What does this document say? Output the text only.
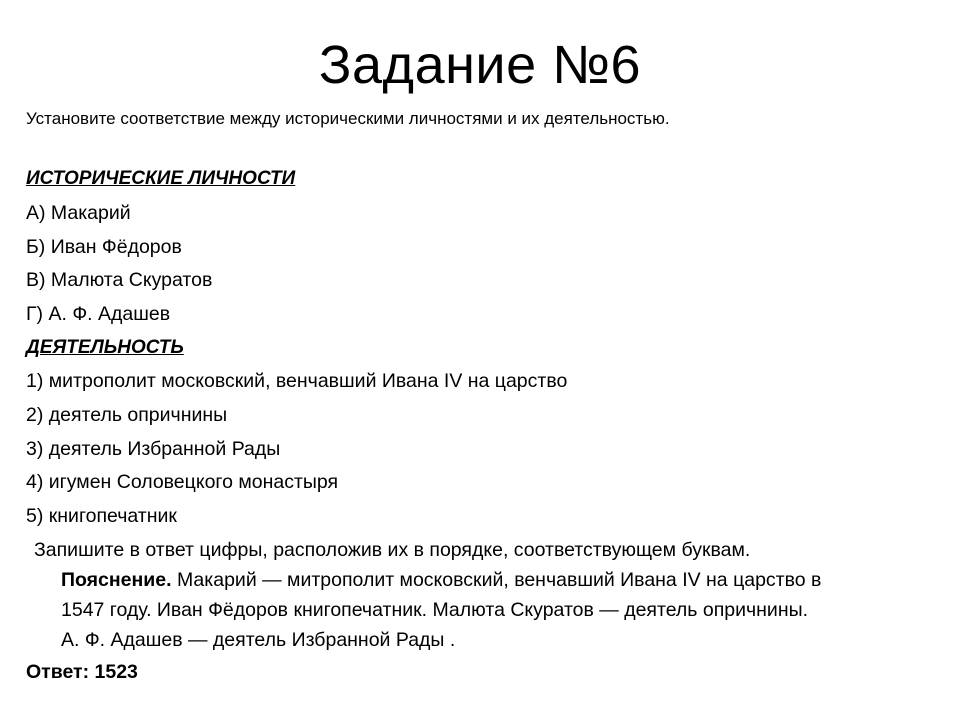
Задание №6
Установите соответствие между историческими личностями и их деятельностью.
ИСТОРИЧЕСКИЕ ЛИЧНОСТИ
А) Макарий
Б) Иван Фёдоров
В) Малюта Скуратов
Г) А. Ф. Адашев
ДЕЯТЕЛЬНОСТЬ
1) митрополит московский, венчавший Ивана IV на царство
2) деятель опричнины
3) деятель Избранной Рады
4) игумен Соловецкого монастыря
5) книгопечатник
Запишите в ответ цифры, расположив их в порядке, соответствующем буквам.
Пояснение. Макарий — митрополит московский, венчавший Ивана IV на царство в
1547 году. Иван Фёдоров книгопечатник. Малюта Скуратов — деятель опричнины.
А. Ф. Адашев — деятель Избранной Рады .
Ответ: 1523
